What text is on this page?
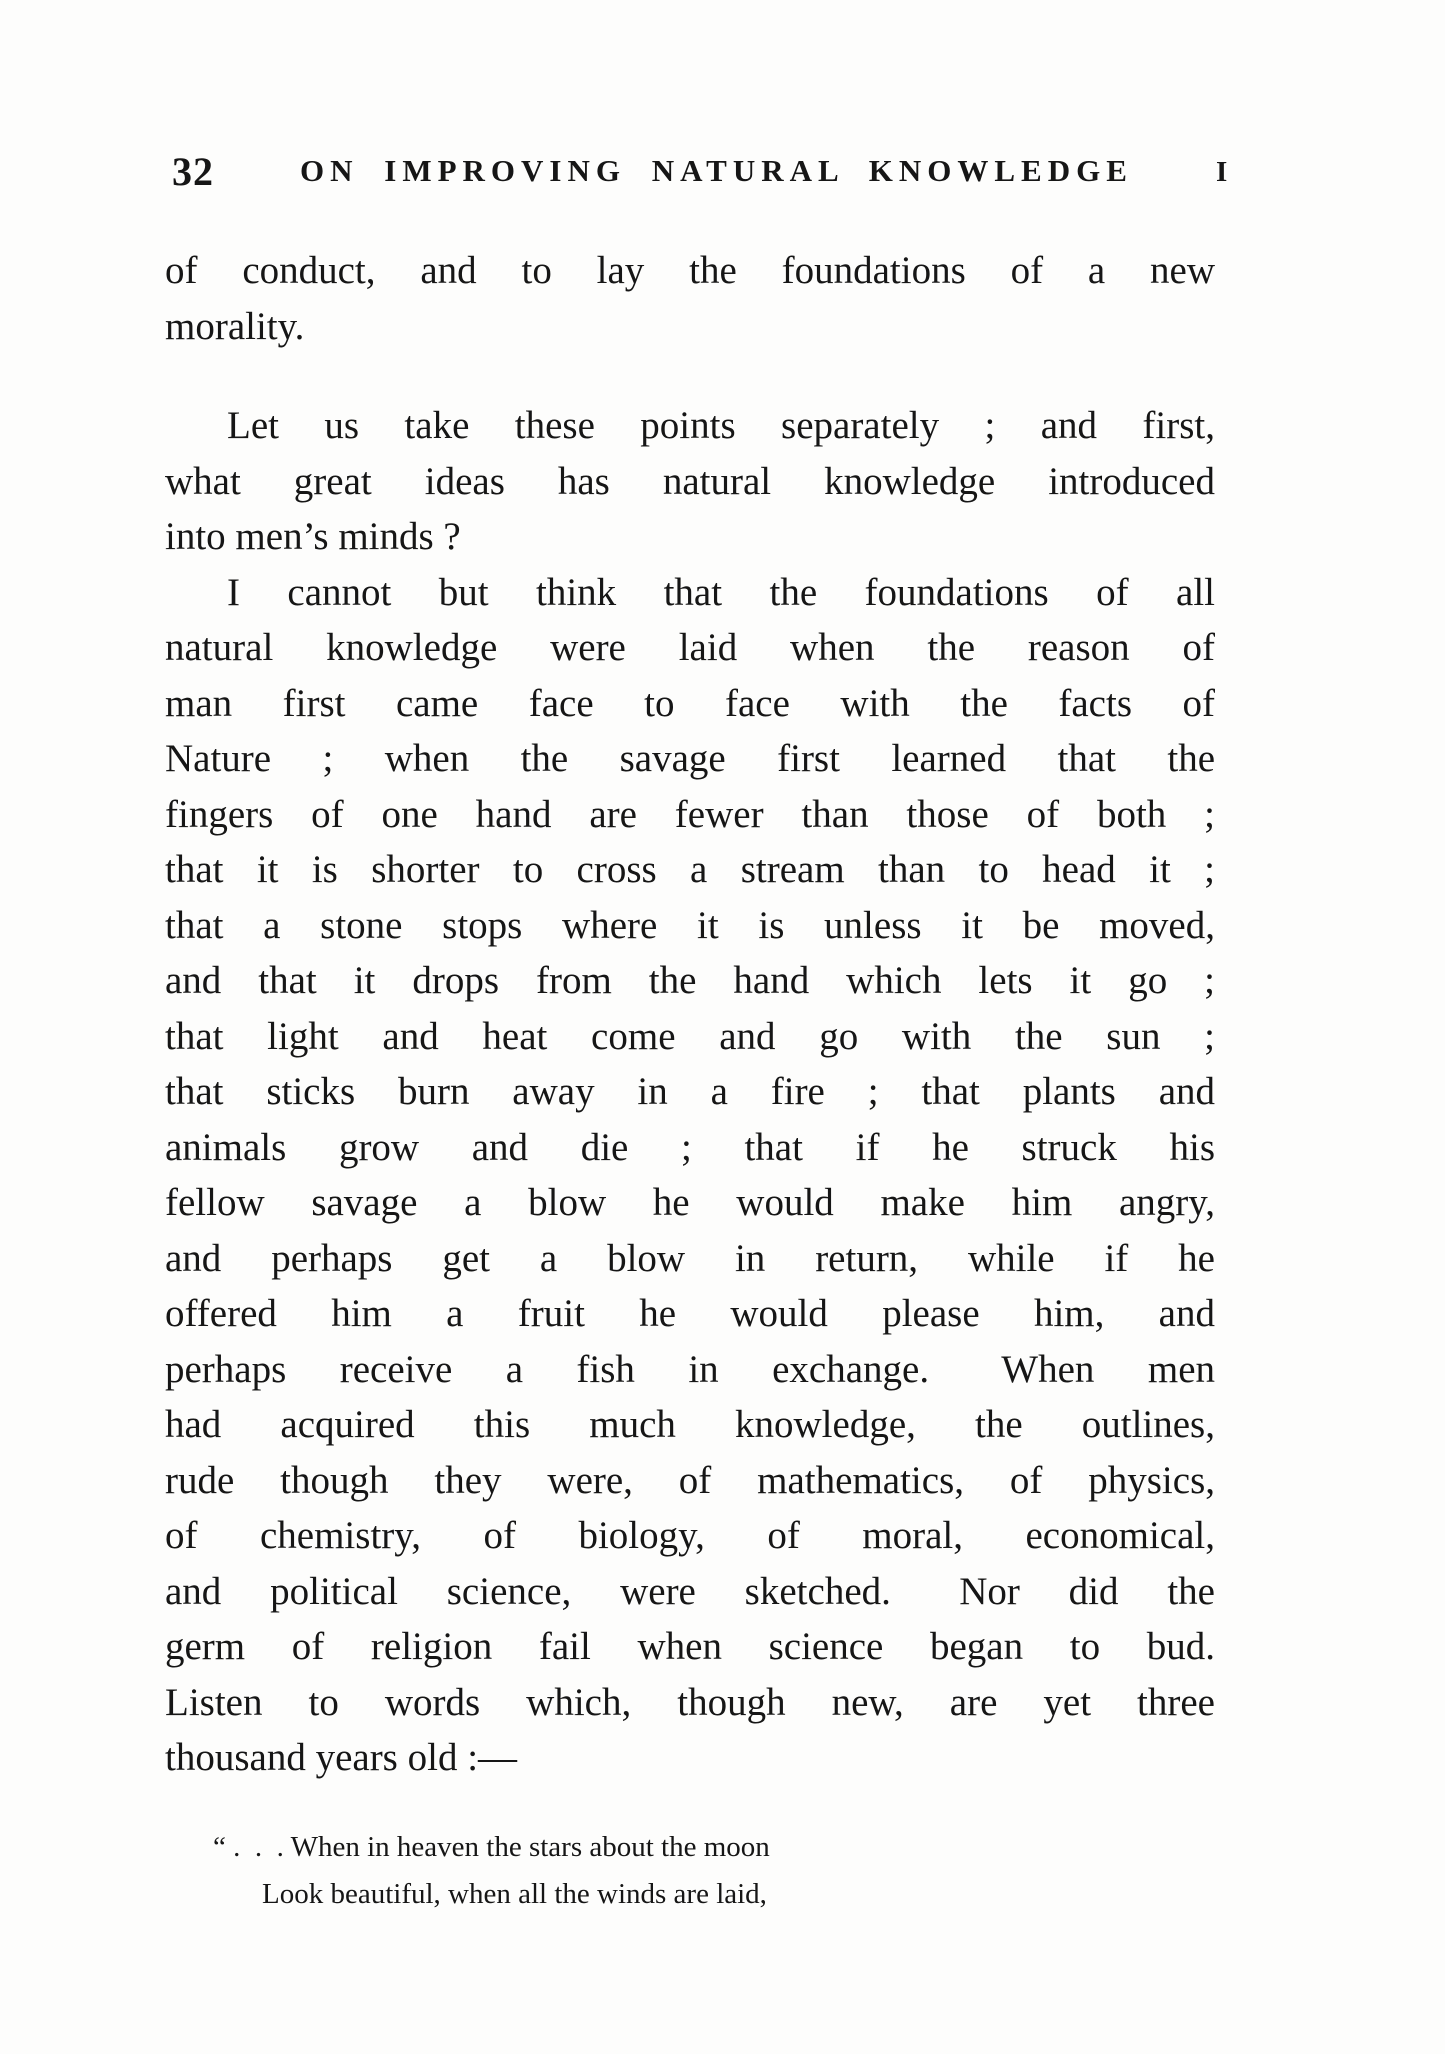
32	ON IMPROVING NATURAL KNOWLEDGE	I

of conduct, and to lay the foundations of a new
morality.

Let us take these points separately ; and first,
what great ideas has natural knowledge introduced
into men’s minds ?

I cannot but think that the foundations of all
natural knowledge were laid when the reason of
man first came face to face with the facts of
Nature ; when the savage first learned that the
fingers of one hand are fewer than those of both ;
that it is shorter to cross a stream than to head it ;
that a stone stops where it is unless it be moved,
and that it drops from the hand which lets it go ;
that light and heat come and go with the sun ;
that sticks burn away in a fire ; that plants and
animals grow and die ; that if he struck his
fellow savage a blow he would make him angry,
and perhaps get a blow in return, while if he
offered him a fruit he would please him, and
perhaps receive a fish in exchange.  When men
had acquired this much knowledge, the outlines,
rude though they were, of mathematics, of physics,
of chemistry, of biology, of moral, economical,
and political science, were sketched.  Nor did the
germ of religion fail when science began to bud.
Listen to words which, though new, are yet three
thousand years old :—

“ . . . When in heaven the stars about the moon
Look beautiful, when all the winds are laid,
